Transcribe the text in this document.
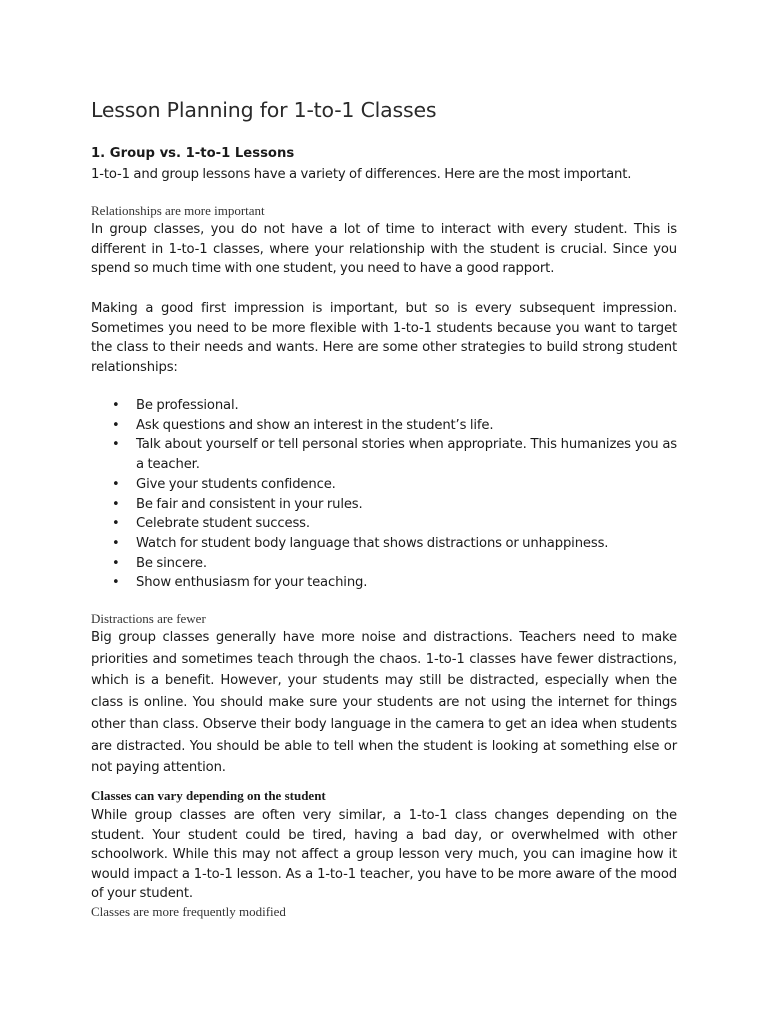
Lesson Planning for 1-to-1 Classes
1. Group vs. 1-to-1 Lessons

1-to-1 and group lessons have a variety of differences. Here are the most important.

Relationships are more important

In group classes, you do not have a lot of time to interact with every student. This is different in 1-to-1 classes, where your relationship with the student is crucial. Since you spend so much time with one student, you need to have a good rapport.

Making a good first impression is important, but so is every subsequent impression. Sometimes you need to be more flexible with 1-to-1 students because you want to target the class to their needs and wants. Here are some other strategies to build strong student relationships:

• Be professional.
• Ask questions and show an interest in the student’s life.
• Talk about yourself or tell personal stories when appropriate. This humanizes you as a teacher.
• Give your students confidence.
• Be fair and consistent in your rules.
• Celebrate student success.
• Watch for student body language that shows distractions or unhappiness.
• Be sincere.
• Show enthusiasm for your teaching.
Distractions are fewer

Big group classes generally have more noise and distractions. Teachers need to make priorities and sometimes teach through the chaos. 1-to-1 classes have fewer distractions, which is a benefit. However, your students may still be distracted, especially when the class is online. You should make sure your students are not using the internet for things other than class. Observe their body language in the camera to get an idea when students are distracted. You should be able to tell when the student is looking at something else or not paying attention.

Classes can vary depending on the student

While group classes are often very similar, a 1-to-1 class changes depending on the student. Your student could be tired, having a bad day, or overwhelmed with other schoolwork. While this may not affect a group lesson very much, you can imagine how it would impact a 1-to-1 lesson. As a 1-to-1 teacher, you have to be more aware of the mood of your student.

Classes are more frequently modified
